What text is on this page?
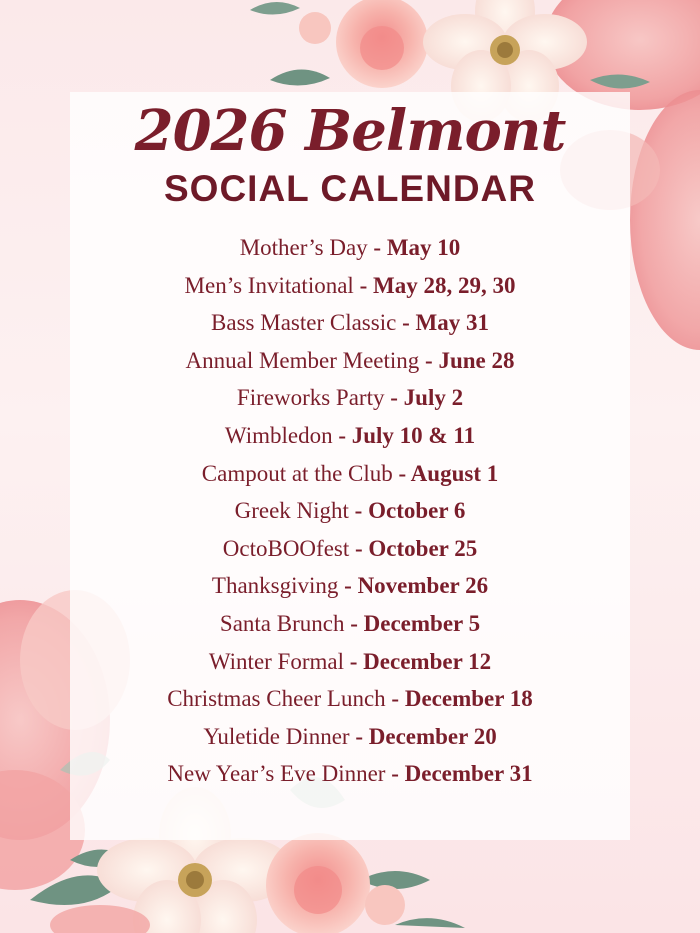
2026 Belmont
SOCIAL CALENDAR
Mother’s Day - May 10
Men’s Invitational - May 28, 29, 30
Bass Master Classic - May 31
Annual Member Meeting - June 28
Fireworks Party - July 2
Wimbledon - July 10 & 11
Campout at the Club - August 1
Greek Night - October 6
OctoBOOfest - October 25
Thanksgiving - November 26
Santa Brunch - December 5
Winter Formal - December 12
Christmas Cheer Lunch - December 18
Yuletide Dinner - December 20
New Year’s Eve Dinner - December 31
